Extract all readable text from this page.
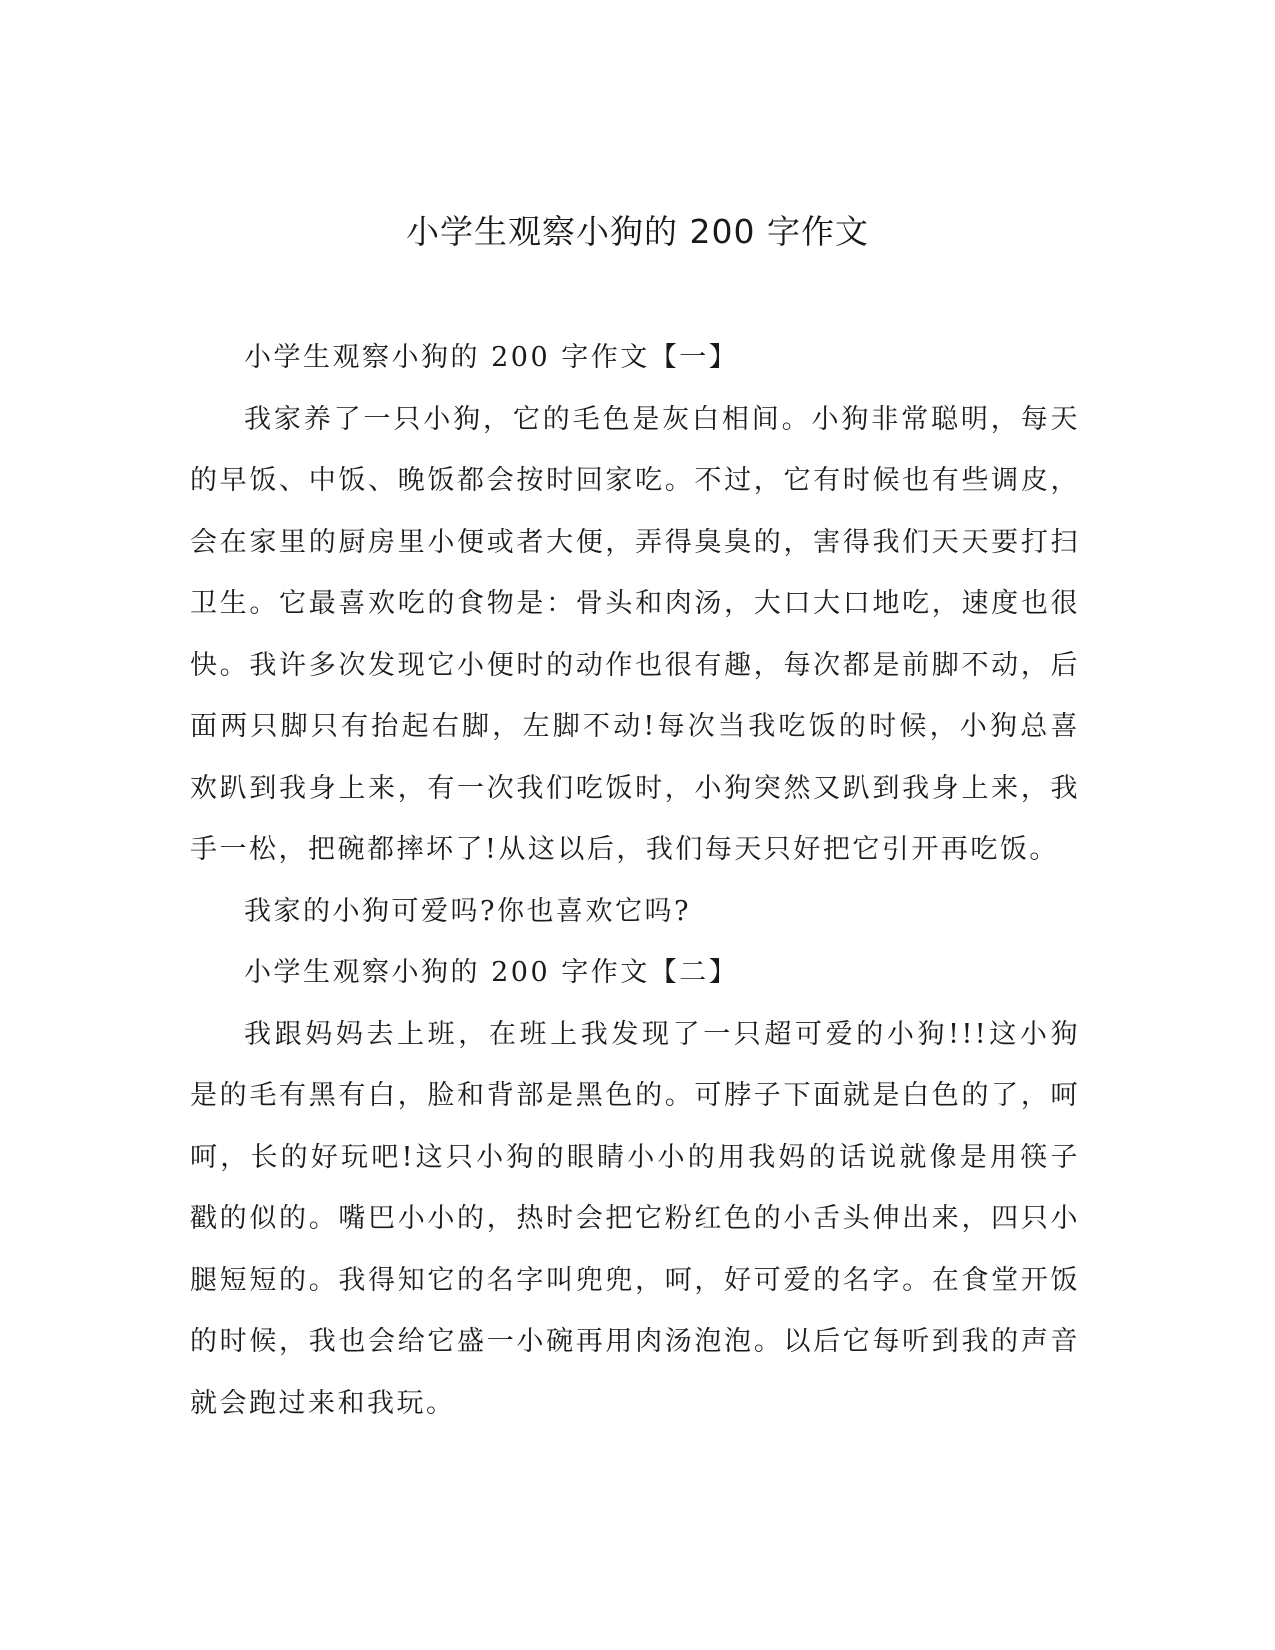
小学生观察小狗的 200 字作文

小学生观察小狗的 200 字作文【一】

我家养了一只小狗，它的毛色是灰白相间。小狗非常聪明，每天的早饭、中饭、晚饭都会按时回家吃。不过，它有时候也有些调皮，会在家里的厨房里小便或者大便，弄得臭臭的，害得我们天天要打扫卫生。它最喜欢吃的食物是：骨头和肉汤，大口大口地吃，速度也很快。我许多次发现它小便时的动作也很有趣，每次都是前脚不动，后面两只脚只有抬起右脚，左脚不动!每次当我吃饭的时候，小狗总喜欢趴到我身上来，有一次我们吃饭时，小狗突然又趴到我身上来，我手一松，把碗都摔坏了!从这以后，我们每天只好把它引开再吃饭。

我家的小狗可爱吗?你也喜欢它吗?

小学生观察小狗的 200 字作文【二】

我跟妈妈去上班，在班上我发现了一只超可爱的小狗!!!这小狗是的毛有黑有白，脸和背部是黑色的。可脖子下面就是白色的了，呵呵，长的好玩吧!这只小狗的眼睛小小的用我妈的话说就像是用筷子戳的似的。嘴巴小小的，热时会把它粉红色的小舌头伸出来，四只小腿短短的。我得知它的名字叫兜兜，呵，好可爱的名字。在食堂开饭的时候，我也会给它盛一小碗再用肉汤泡泡。以后它每听到我的声音就会跑过来和我玩。
